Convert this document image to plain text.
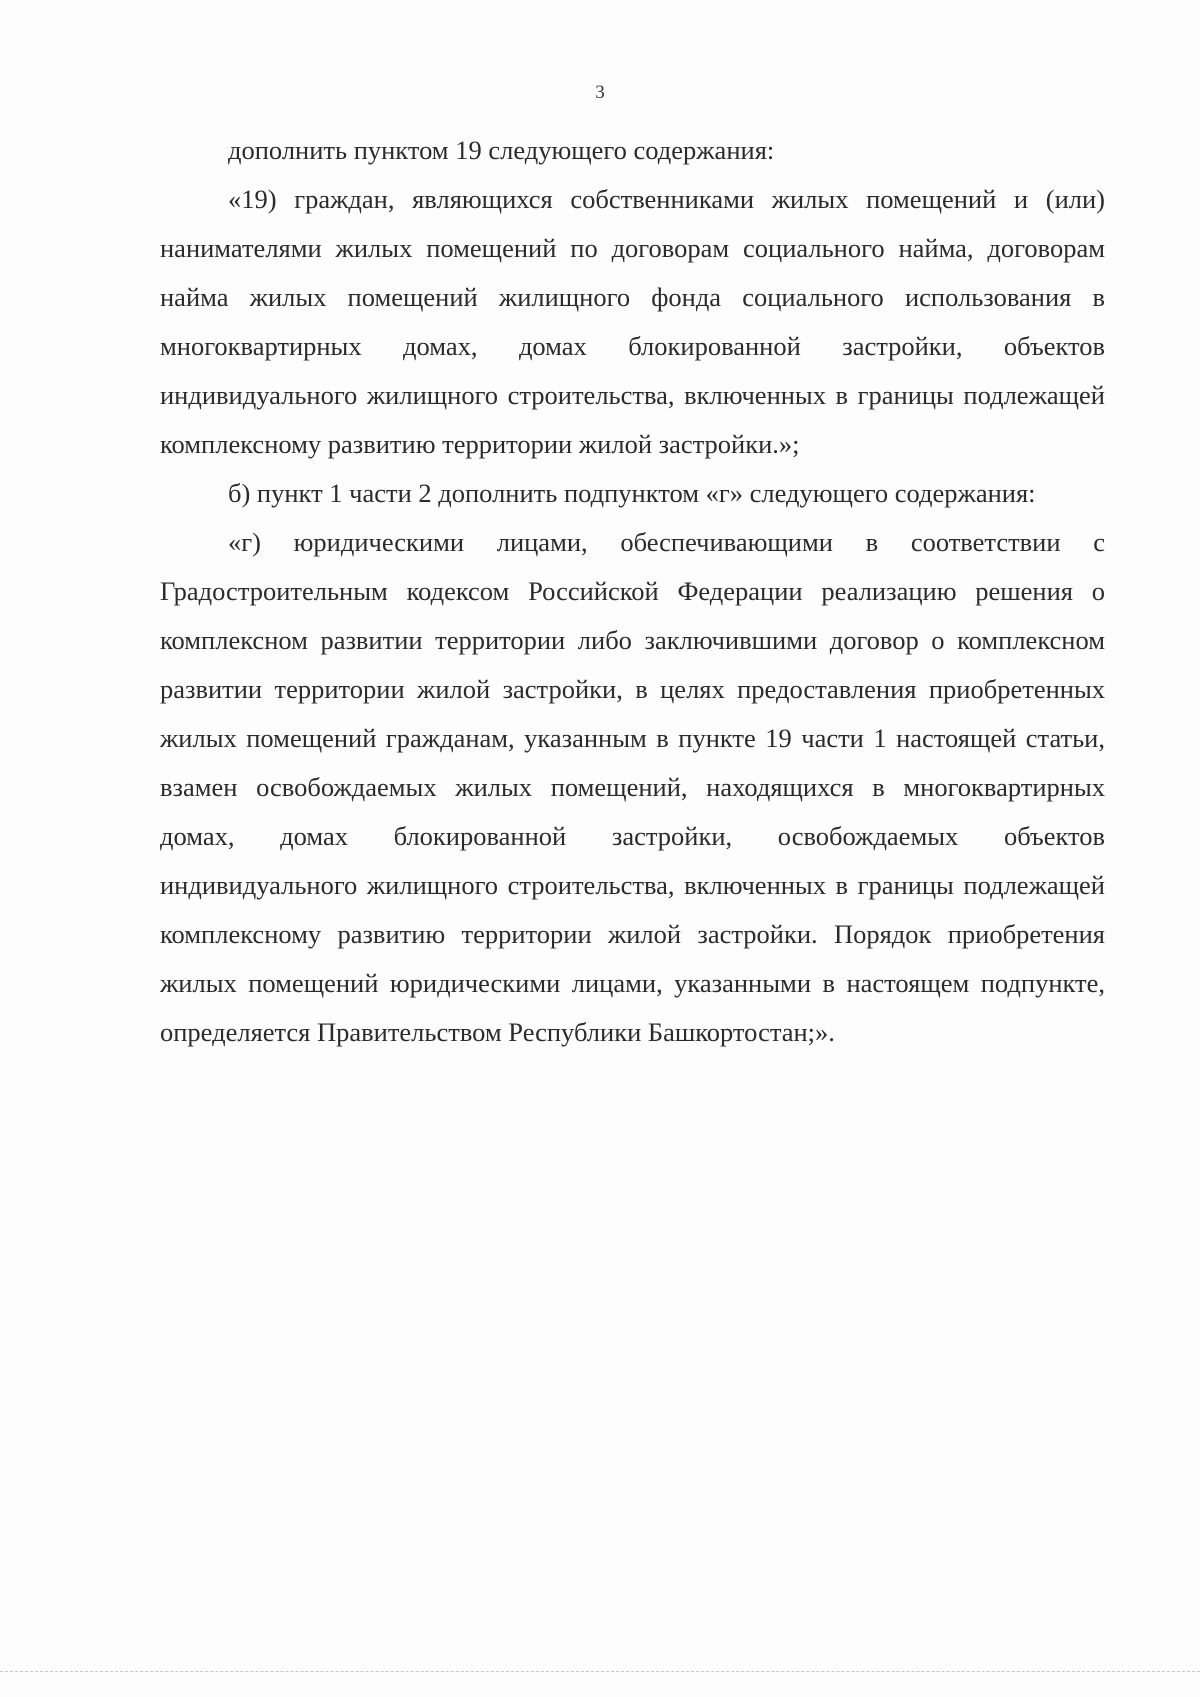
3

дополнить пунктом 19 следующего содержания:

«19) граждан, являющихся собственниками жилых помещений и (или) нанимателями жилых помещений по договорам социального найма, договорам найма жилых помещений жилищного фонда социального использования в многоквартирных домах, домах блокированной застройки, объектов индивидуального жилищного строительства, включенных в границы подлежащей комплексному развитию территории жилой застройки.»;

б) пункт 1 части 2 дополнить подпунктом «г» следующего содержания:

«г) юридическими лицами, обеспечивающими в соответствии с Градостроительным кодексом Российской Федерации реализацию решения о комплексном развитии территории либо заключившими договор о комплексном развитии территории жилой застройки, в целях предоставления приобретенных жилых помещений гражданам, указанным в пункте 19 части 1 настоящей статьи, взамен освобождаемых жилых помещений, находящихся в многоквартирных домах, домах блокированной застройки, освобождаемых объектов индивидуального жилищного строительства, включенных в границы подлежащей комплексному развитию территории жилой застройки. Порядок приобретения жилых помещений юридическими лицами, указанными в настоящем подпункте, определяется Правительством Республики Башкортостан;».
